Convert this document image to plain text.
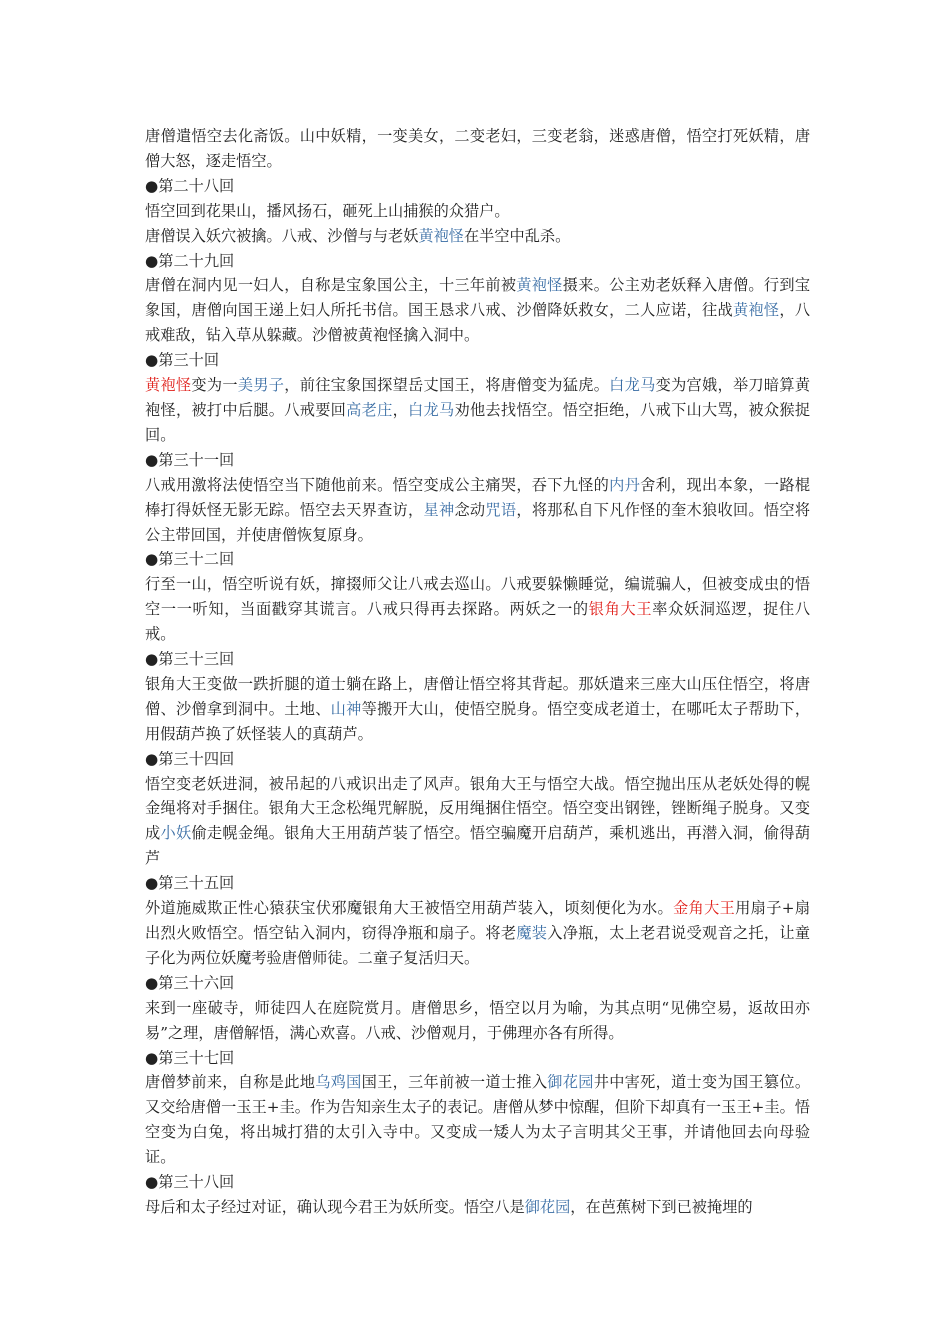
唐僧遣悟空去化斋饭。山中妖精，一变美女，二变老妇，三变老翁，迷惑唐僧，悟空打死妖精，唐僧大怒，逐走悟空。

●第二十八回

悟空回到花果山，播风扬石，砸死上山捕猴的众猎户。

唐僧误入妖穴被擒。八戒、沙僧与与老妖黄袍怪在半空中乱杀。

●第二十九回

唐僧在洞内见一妇人，自称是宝象国公主，十三年前被黄袍怪摄来。公主劝老妖释入唐僧。行到宝象国，唐僧向国王递上妇人所托书信。国王恳求八戒、沙僧降妖救女，二人应诺，往战黄袍怪，八戒难敌，钻入草从躲藏。沙僧被黄袍怪擒入洞中。

●第三十回

黄袍怪变为一美男子，前往宝象国探望岳丈国王，将唐僧变为猛虎。白龙马变为宫娥，举刀暗算黄袍怪，被打中后腿。八戒要回高老庄，白龙马劝他去找悟空。悟空拒绝，八戒下山大骂，被众猴捉回。

●第三十一回

八戒用激将法使悟空当下随他前来。悟空变成公主痛哭，吞下九怪的内丹舍利，现出本象，一路棍棒打得妖怪无影无踪。悟空去天界查访，星神念动咒语，将那私自下凡作怪的奎木狼收回。悟空将公主带回国，并使唐僧恢复原身。

●第三十二回

行至一山，悟空听说有妖，撺掇师父让八戒去巡山。八戒要躲懒睡觉，编谎骗人，但被变成虫的悟空一一听知，当面戳穿其谎言。八戒只得再去探路。两妖之一的银角大王率众妖洞巡逻，捉住八戒。

●第三十三回

银角大王变做一跌折腿的道士躺在路上，唐僧让悟空将其背起。那妖遣来三座大山压住悟空，将唐僧、沙僧拿到洞中。土地、山神等搬开大山，使悟空脱身。悟空变成老道士，在哪吒太子帮助下，用假葫芦换了妖怪装人的真葫芦。

●第三十四回

悟空变老妖进洞，被吊起的八戒识出走了风声。银角大王与悟空大战。悟空抛出压从老妖处得的幌金绳将对手捆住。银角大王念松绳咒解脱，反用绳捆住悟空。悟空变出钢锉，锉断绳子脱身。又变成小妖偷走幌金绳。银角大王用葫芦装了悟空。悟空骗魔开启葫芦，乘机逃出，再潜入洞，偷得葫芦

●第三十五回

外道施威欺正性心猿获宝伏邪魔银角大王被悟空用葫芦装入，顷刻便化为水。金角大王用扇子+扇出烈火败悟空。悟空钻入洞内，窃得净瓶和扇子。将老魔装入净瓶，太上老君说受观音之托，让童子化为两位妖魔考验唐僧师徒。二童子复活归天。

●第三十六回

来到一座破寺，师徒四人在庭院赏月。唐僧思乡，悟空以月为喻，为其点明“见佛空易，返故田亦易”之理，唐僧解悟，满心欢喜。八戒、沙僧观月，于佛理亦各有所得。

●第三十七回

唐僧梦前来，自称是此地乌鸡国国王，三年前被一道士推入御花园井中害死，道士变为国王篡位。又交给唐僧一玉王+圭。作为告知亲生太子的表记。唐僧从梦中惊醒，但阶下却真有一玉王+圭。悟空变为白兔，将出城打猎的太引入寺中。又变成一矮人为太子言明其父王事，并请他回去向母验证。

●第三十八回

母后和太子经过对证，确认现今君王为妖所变。悟空八是御花园，在芭蕉树下到已被掩埋的
